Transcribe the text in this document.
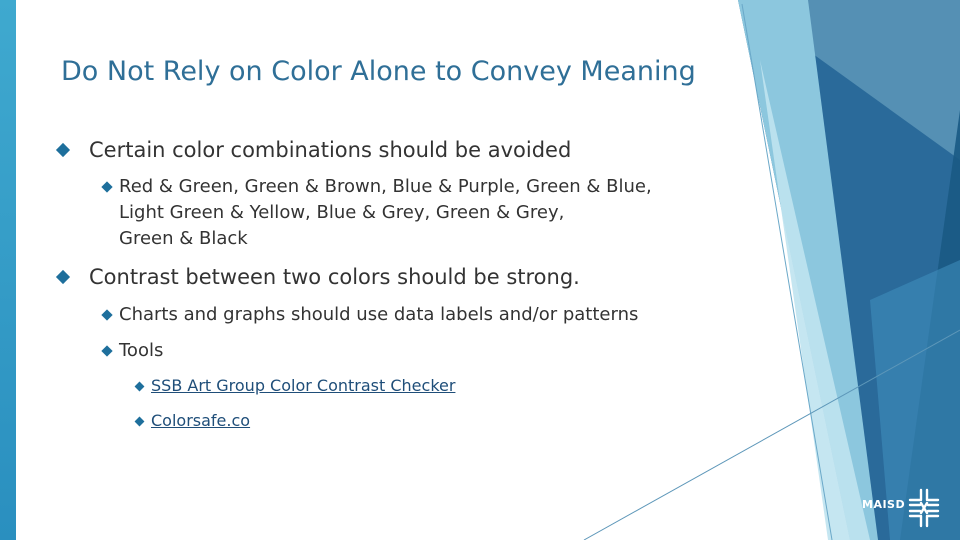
Do Not Rely on Color Alone to Convey Meaning
Certain color combinations should be avoided
Red & Green, Green & Brown, Blue & Purple, Green & Blue,
Light Green & Yellow, Blue & Grey, Green & Grey,
Green & Black
Contrast between two colors should be strong.
Charts and graphs should use data labels and/or patterns
Tools
SSB Art Group Color Contrast Checker
Colorsafe.co
MAISD
